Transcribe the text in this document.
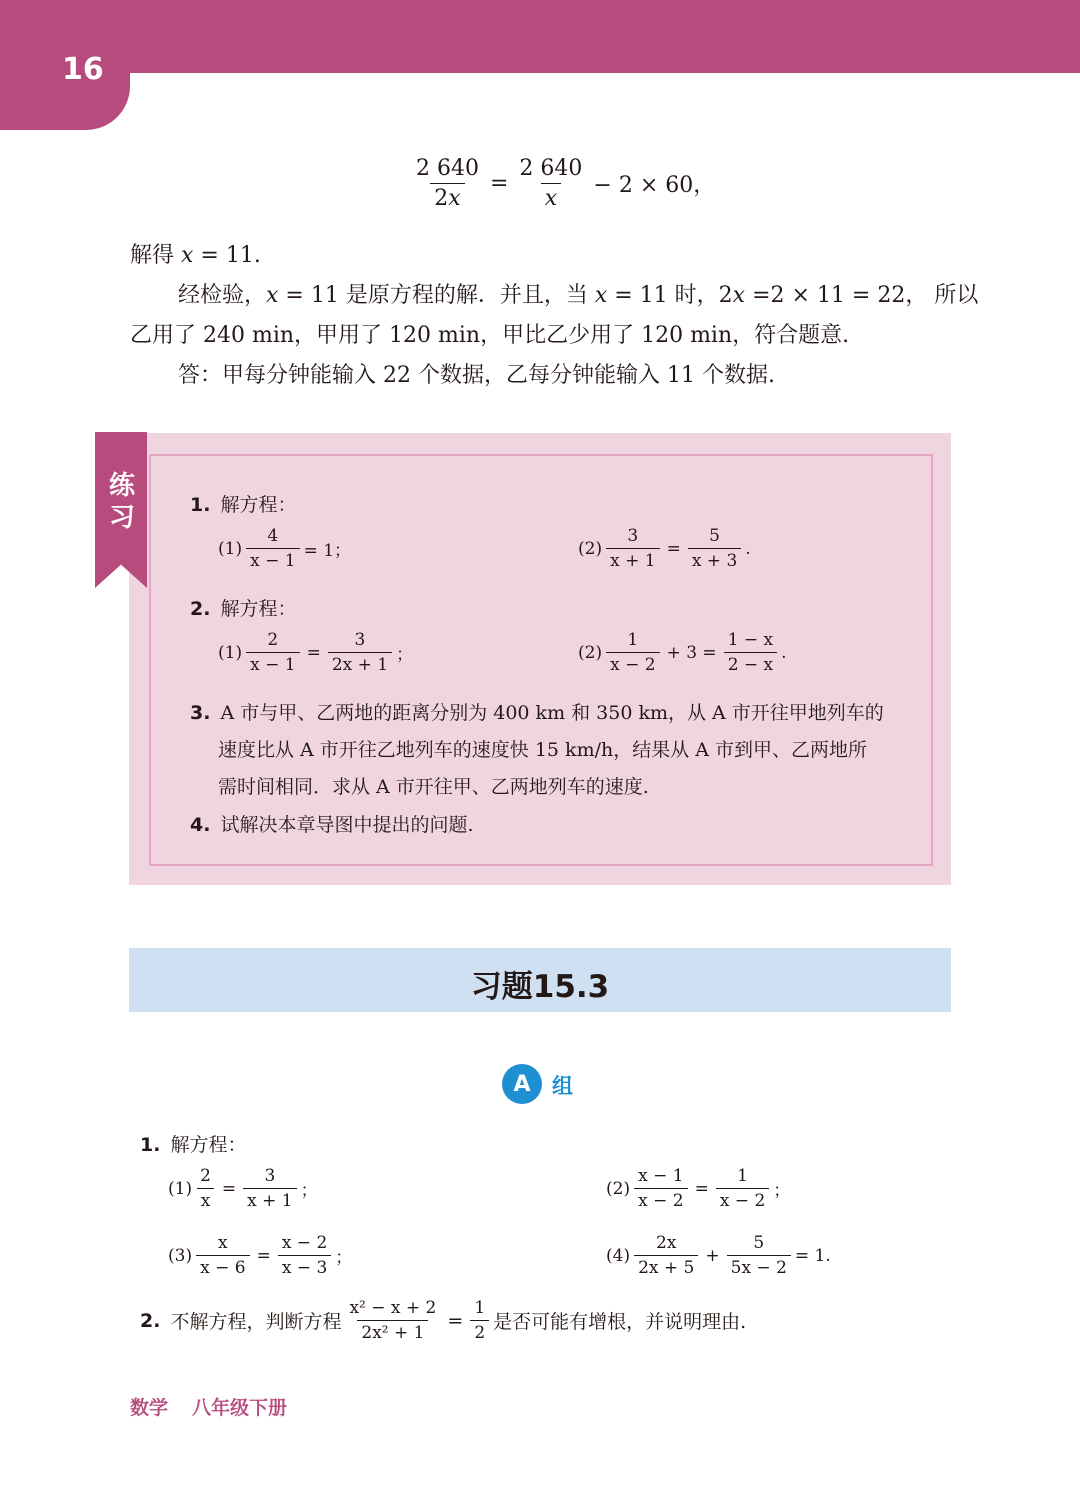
16
$\frac{2 640}{2x} = \frac{2 640}{x} - 2 \times 60$，
解得 x = 11.
经检验，x = 11 是原方程的解．并且，当 x = 11 时，2x =2 × 11 = 22， 所以
乙用了 240 min，甲用了 120 min，甲比乙少用了 120 min，符合题意.
答：甲每分钟能输入 22 个数据，乙每分钟能输入 11 个数据.
练习	1. 解方程：
$(1) \frac{4}{x - 1} = 1$；	$(2) \frac{3}{x + 1} = \frac{5}{x + 3}$ .
2. 解方程：
$(1) \frac{2}{x - 1} = \frac{3}{2x + 1}$ ；	$(2) \frac{1}{x - 2} + 3 = \frac{1 - x}{2 - x}$ .
3. A 市与甲、乙两地的距离分别为 400 km 和 350 km，从 A 市开往甲地列车的
速度比从 A 市开往乙地列车的速度快 15 km/h，结果从 A 市到甲、乙两地所
需时间相同．求从 A 市开往甲、乙两地列车的速度.
4. 试解决本章导图中提出的问题.
习题15.3
A	组
1. 解方程：
$(1) \frac{2}{x} = \frac{3}{x + 1}$ ；	$(2) \frac{x - 1}{x - 2} = \frac{1}{x - 2}$ ；
$(3) \frac{x}{x - 6} = \frac{x - 2}{x - 3}$ ；	$(4) \frac{2x}{2x + 5} + \frac{5}{5x - 2} = 1$.
2. 不解方程，判断方程 $\frac{\text{x² − x + 2}}{\text{2x² + 1}} = \frac{1}{2}$ 是否可能有增根，并说明理由.
数学 八年级下册
